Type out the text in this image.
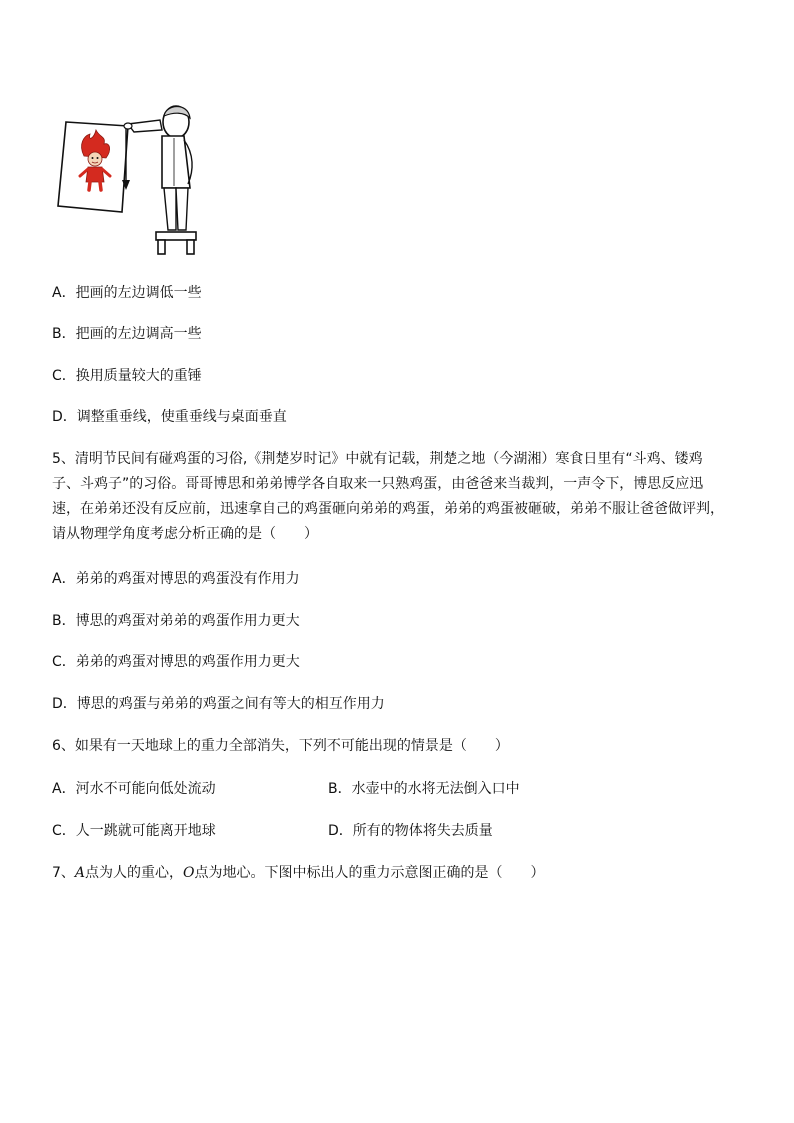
A．把画的左边调低一些
B．把画的左边调高一些
C．换用质量较大的重锤
D．调整重垂线，使重垂线与桌面垂直
5、清明节民间有碰鸡蛋的习俗,《荆楚岁时记》中就有记载，荆楚之地（今湖湘）寒食日里有“斗鸡、镂鸡
子、斗鸡子”的习俗。哥哥博思和弟弟博学各自取来一只熟鸡蛋，由爸爸来当裁判，一声令下，博思反应迅
速，在弟弟还没有反应前，迅速拿自己的鸡蛋砸向弟弟的鸡蛋，弟弟的鸡蛋被砸破，弟弟不服让爸爸做评判，
请从物理学角度考虑分析正确的是（　　）
A．弟弟的鸡蛋对博思的鸡蛋没有作用力
B．博思的鸡蛋对弟弟的鸡蛋作用力更大
C．弟弟的鸡蛋对博思的鸡蛋作用力更大
D．博思的鸡蛋与弟弟的鸡蛋之间有等大的相互作用力
6、如果有一天地球上的重力全部消失，下列不可能出现的情景是（　　）
A．河水不可能向低处流动	B．水壶中的水将无法倒入口中
C．人一跳就可能离开地球	D．所有的物体将失去质量
7、A点为人的重心，O点为地心。下图中标出人的重力示意图正确的是（　　）
